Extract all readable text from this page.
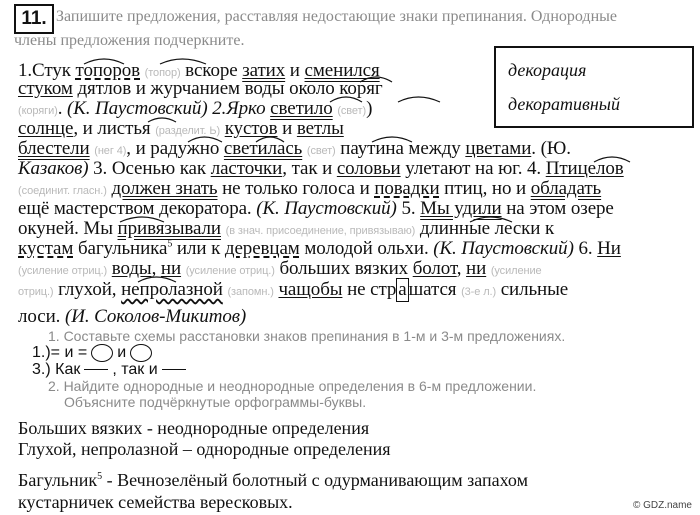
11. Запишите предложения, расставляя недостающие знаки препинания. Однородные
члены предложения подчеркните.
декорация
декоративный
1.Стук топоров (топор) вскоре затих и сменился
стуком дятлов и журчанием воды около коряг
(коряги). (К. Паустовский) 2.Ярко светило (свет))
солнце, и листья (разделит. Ь) кустов и ветлы
блестели (нег 4), и радужно светилась (свет) паутина между цветами. (Ю.
Казаков) 3. Осенью как ласточки, так и соловьи улетают на юг. 4. Птицелов
(соединит. гласн.) должен знать не только голоса и повадки птиц, но и обладать
ещё мастерством декоратора. (К. Паустовский) 5. Мы удили на этом озере
окуней. Мы привязывали (в знач. присоединение, привязываю) длинные лески к
кустам багульника$^5$ или к деревцам молодой ольхи. (К. Паустовский) 6. Ни
(усиление отриц.) воды, ни (усиление отриц.) больших вязких болот, ни (усиление
отриц.) глухой, непролазной (запомн.) чащобы не стр а шатся (3-е л.) сильные
лоси. (И. Соколов-Микитов)
1. Составьте схемы расстановки знаков препинания в 1-м и 3-м предложениях.
1.)= и = и
3.) Как , так и
2. Найдите однородные и неоднородные определения в 6-м предложении.
Объясните подчёркнутые орфограммы-буквы.
Больших вязких - неоднородные определения
Глухой, непролазной – однородные определения
Багульник$^5$ - Вечнозелёный болотный с одурманивающим запахом
кустарничек семейства вересковых.	© GDZ.name
